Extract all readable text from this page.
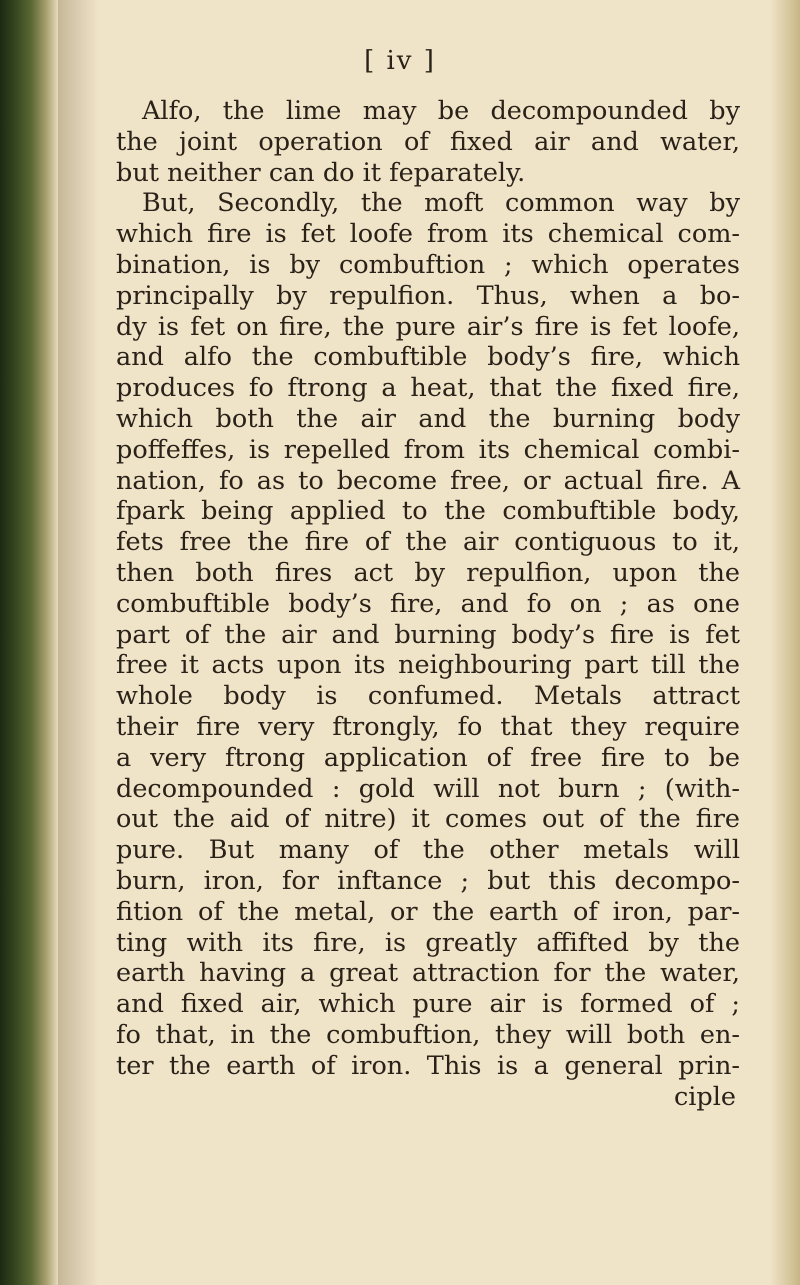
[ iv ]
Alfo, the lime may be decompounded by
the joint operation of fixed air and water,
but neither can do it feparately.
But, Secondly, the moft common way by
which fire is fet loofe from its chemical com-
bination, is by combuftion ; which operates
principally by repulfion. Thus, when a bo-
dy is fet on fire, the pure air’s fire is fet loofe,
and alfo the combuftible body’s fire, which
produces fo ftrong a heat, that the fixed fire,
which both the air and the burning body
poffeffes, is repelled from its chemical combi-
nation, fo as to become free, or actual fire. A
fpark being applied to the combuftible body,
fets free the fire of the air contiguous to it,
then both fires act by repulfion, upon the
combuftible body’s fire, and fo on ; as one
part of the air and burning body’s fire is fet
free it acts upon its neighbouring part till the
whole body is confumed. Metals attract
their fire very ftrongly, fo that they require
a very ftrong application of free fire to be
decompounded : gold will not burn ; (with-
out the aid of nitre) it comes out of the fire
pure. But many of the other metals will
burn, iron, for inftance ; but this decompo-
fition of the metal, or the earth of iron, par-
ting with its fire, is greatly affifted by the
earth having a great attraction for the water,
and fixed air, which pure air is formed of ;
fo that, in the combuftion, they will both en-
ter the earth of iron. This is a general prin-
ciple
